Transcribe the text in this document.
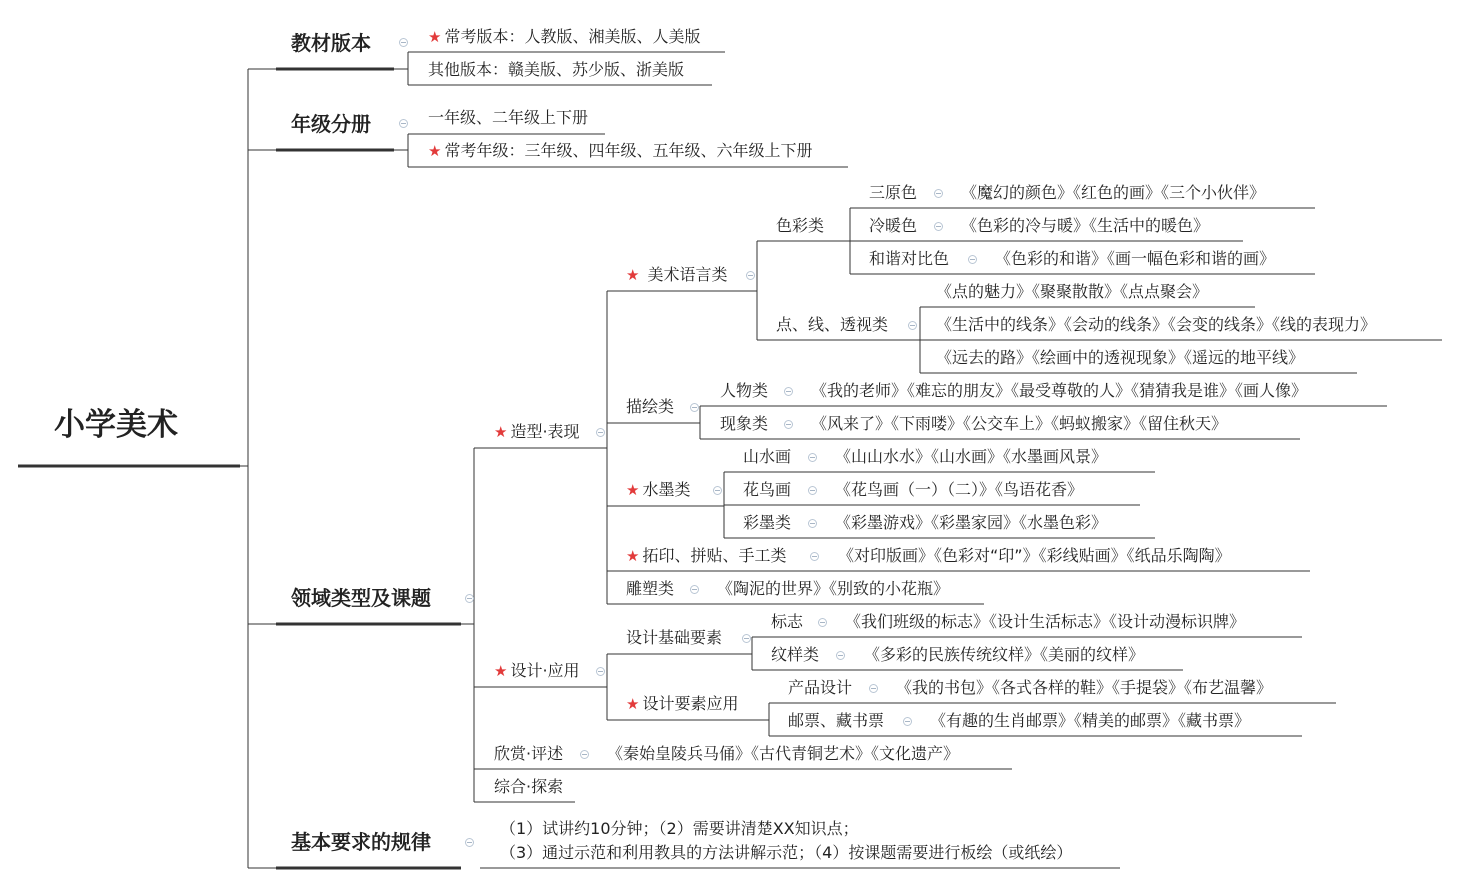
小学美术
教材版本	★ 常考版本：人教版、湘美版、人美版
其他版本：赣美版、苏少版、浙美版
年级分册	一年级、二年级上下册
★ 常考年级：三年级、四年级、五年级、六年级上下册
领域类型及课题
★ 造型·表现
★ 美术语言类
色彩类
三原色	《魔幻的颜色》《红色的画》《三个小伙伴》
冷暖色	《色彩的冷与暖》《生活中的暖色》
和谐对比色	《色彩的和谐》《画一幅色彩和谐的画》
点、线、透视类
《点的魅力》《聚聚散散》《点点聚会》
《生活中的线条》《会动的线条》《会变的线条》《线的表现力》
《远去的路》《绘画中的透视现象》《遥远的地平线》
描绘类
人物类	《我的老师》《难忘的朋友》《最受尊敬的人》《猜猜我是谁》《画人像》
现象类	《风来了》《下雨喽》《公交车上》《蚂蚁搬家》《留住秋天》
★ 水墨类
山水画	《山山水水》《山水画》《水墨画风景》
花鸟画	《花鸟画（一）（二）》《鸟语花香》
彩墨类	《彩墨游戏》《彩墨家园》《水墨色彩》
★ 拓印、拼贴、手工类	《对印版画》《色彩对“印”》《彩线贴画》《纸品乐陶陶》
雕塑类	《陶泥的世界》《别致的小花瓶》
★ 设计·应用
设计基础要素
标志	《我们班级的标志》《设计生活标志》《设计动漫标识牌》
纹样类	《多彩的民族传统纹样》《美丽的纹样》
★ 设计要素应用
产品设计	《我的书包》《各式各样的鞋》《手提袋》《布艺温馨》
邮票、藏书票	《有趣的生肖邮票》《精美的邮票》《藏书票》
欣赏·评述	《秦始皇陵兵马俑》《古代青铜艺术》《文化遗产》
综合·探索
基本要求的规律
（1）试讲约10分钟；（2）需要讲清楚XX知识点；
（3）通过示范和利用教具的方法讲解示范；（4）按课题需要进行板绘（或纸绘）
